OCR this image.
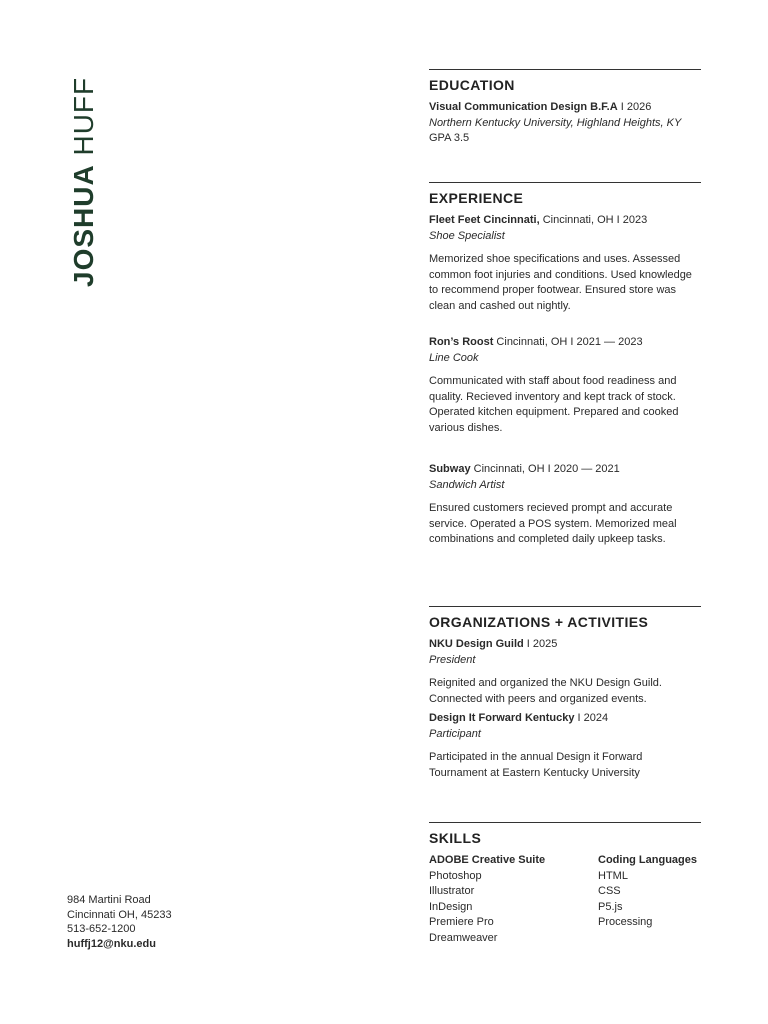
JOSHUA HUFF
984 Martini Road
Cincinnati OH, 45233
513-652-1200
huffj12@nku.edu
EDUCATION
Visual Communication Design B.F.A I 2026
Northern Kentucky University, Highland Heights, KY
GPA 3.5
EXPERIENCE
Fleet Feet Cincinnati, Cincinnati, OH I 2023
Shoe Specialist
Memorized shoe specifications and uses. Assessed common foot injuries and conditions. Used knowledge to recommend proper footwear. Ensured store was clean and cashed out nightly.
Ron’s Roost Cincinnati, OH I 2021 — 2023
Line Cook
Communicated with staff about food readiness and quality. Recieved inventory and kept track of stock. Operated kitchen equipment. Prepared and cooked various dishes.
Subway Cincinnati, OH I 2020 — 2021
Sandwich Artist
Ensured customers recieved prompt and accurate service. Operated a POS system. Memorized meal combinations and completed daily upkeep tasks.
ORGANIZATIONS + ACTIVITIES
NKU Design Guild I 2025
President
Reignited and organized the NKU Design Guild. Connected with peers and organized events.
Design It Forward Kentucky I 2024
Participant
Participated in the annual Design it Forward Tournament at Eastern Kentucky University
SKILLS
ADOBE Creative Suite
Photoshop
Illustrator
InDesign
Premiere Pro
Dreamweaver
Coding Languages
HTML
CSS
P5.js
Processing
